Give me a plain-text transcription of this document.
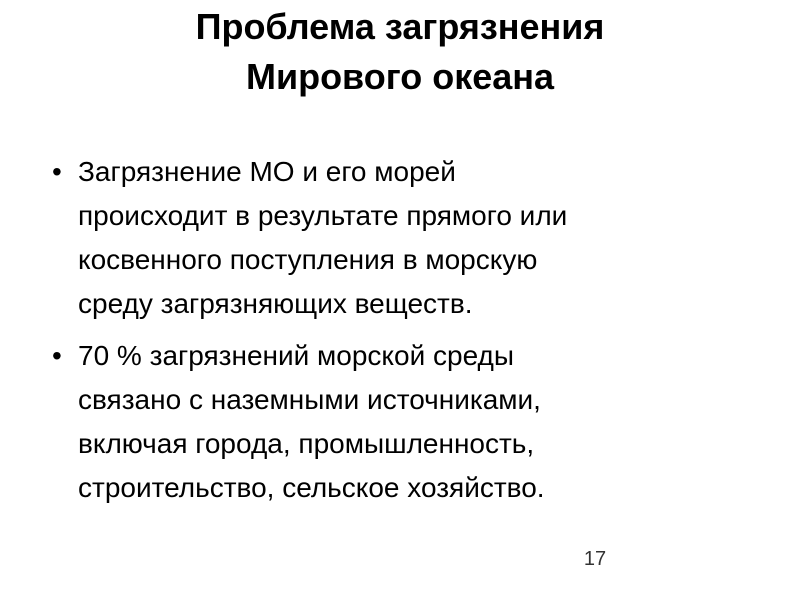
Проблема загрязнения
Мирового океана
• Загрязнение МО и его морей
происходит в результате прямого или
косвенного поступления в морскую
среду загрязняющих веществ.
• 70 % загрязнений морской среды
связано с наземными источниками,
включая города, промышленность,
строительство, сельское хозяйство.
17
